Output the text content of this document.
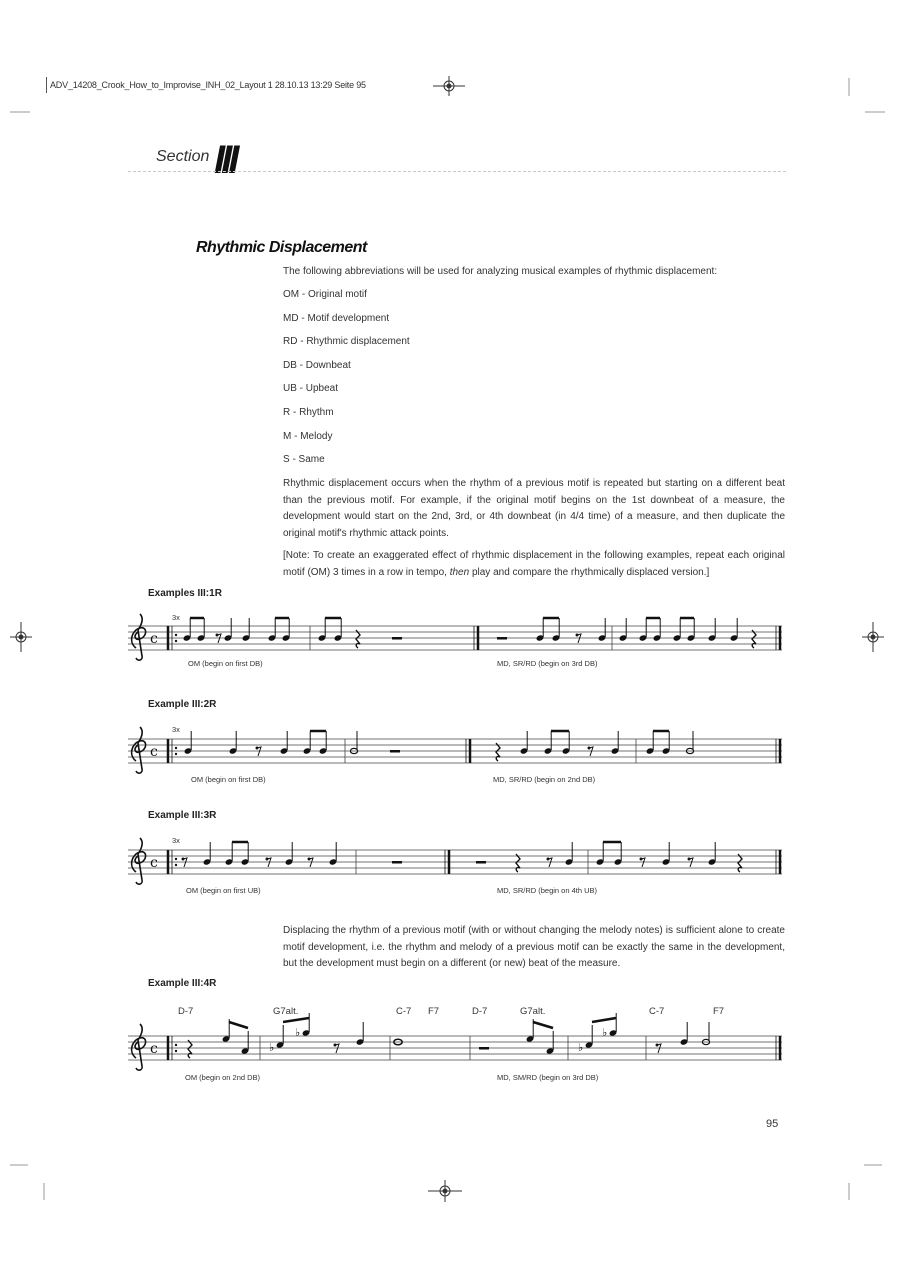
ADV_14208_Crook_How_to_Improvise_INH_02_Layout 1 28.10.13 13:29 Seite 95
Section III
Rhythmic Displacement
The following abbreviations will be used for analyzing musical examples of rhythmic displacement:
OM - Original motif
MD - Motif development
RD - Rhythmic displacement
DB - Downbeat
UB - Upbeat
R - Rhythm
M - Melody
S - Same
Rhythmic displacement occurs when the rhythm of a previous motif is repeated but starting on a different beat than the previous motif. For example, if the original motif begins on the 1st downbeat of a measure, the development would start on the 2nd, 3rd, or 4th downbeat (in 4/4 time) of a measure, and then duplicate the original motif's rhythmic attack points.
[Note: To create an exaggerated effect of rhythmic displacement in the following examples, repeat each original motif (OM) 3 times in a row in tempo, then play and compare the rhythmically displaced version.]
Examples III:1R
Example III:2R
Example III:3R
Example III:4R
3x
3x
3x
OM (begin on first DB)	MD, SR/RD (begin on 3rd DB)
OM (begin on first DB)	MD, SR/RD (begin on 2nd DB)
OM (begin on first UB)	MD, SR/RD (begin on 4th UB)
OM (begin on 2nd DB)	MD, SM/RD (begin on 3rd DB)
D-7	G7alt.	C-7 F7	D-7	G7alt.	C-7	F7
Displacing the rhythm of a previous motif (with or without changing the melody notes) is sufficient alone to create motif development, i.e. the rhythm and melody of a previous motif can be exactly the same in the development, but the development must begin on a different (or new) beat of the measure.
95
c
c
c
c	♭
♭
♭
♭
